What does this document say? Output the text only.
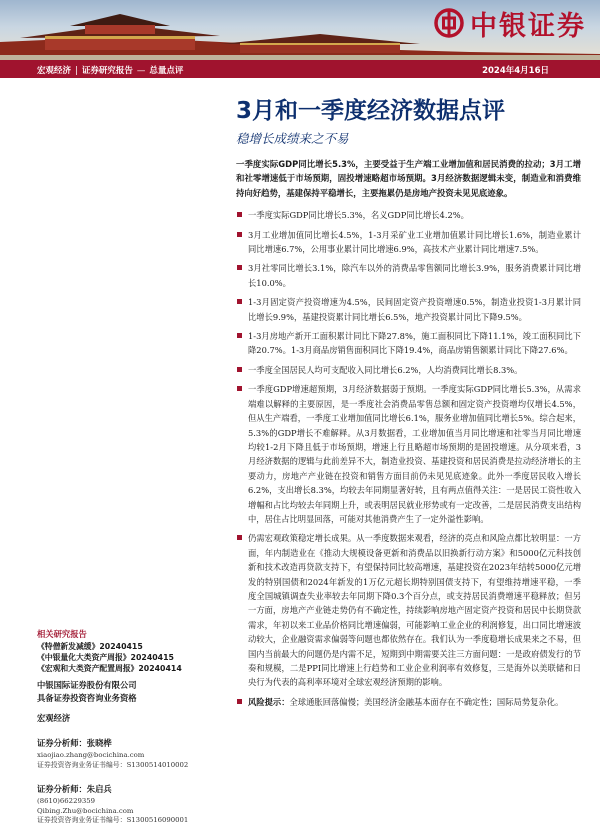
中银证券
宏观经济 | 证券研究报告 — 总量点评	2024年4月16日
3月和一季度经济数据点评
稳增长成绩来之不易

一季度实际GDP同比增长5.3%，主要受益于生产端工业增加值和居民消费的拉动；3月工增和社零增速低于市场预期，固投增速略超市场预期。3月经济数据逻辑未变，制造业和消费维持向好趋势，基建保持平稳增长，主要拖累仍是房地产投资未见见底迹象。

一季度实际GDP同比增长5.3%，名义GDP同比增长4.2%。

3月工业增加值同比增长4.5%，1-3月采矿业工业增加值累计同比增长1.6%，制造业累计同比增速6.7%，公用事业累计同比增速6.9%，高技术产业累计同比增速7.5%。

3月社零同比增长3.1%，除汽车以外的消费品零售额同比增长3.9%，服务消费累计同比增长10.0%。

1-3月固定资产投资增速为4.5%，民间固定资产投资增速0.5%，制造业投资1-3月累计同比增长9.9%，基建投资累计同比增长6.5%，地产投资累计同比下降9.5%。

1-3月房地产新开工面积累计同比下降27.8%，施工面积同比下降11.1%，竣工面积同比下降20.7%。1-3月商品房销售面积同比下降19.4%，商品房销售额累计同比下降27.6%。

一季度全国居民人均可支配收入同比增长6.2%，人均消费同比增长8.3%。

一季度GDP增速超预期，3月经济数据弱于预期。一季度实际GDP同比增长5.3%，从需求端难以解释的主要原因，是一季度社会消费品零售总额和固定资产投资增均仅增长4.5%，但从生产端看，一季度工业增加值同比增长6.1%，服务业增加值同比增长5%。综合起来，5.3%的GDP增长不难解释。从3月数据看，工业增加值当月同比增速和社零当月同比增速均较1-2月下降且低于市场预期，增速上行且略超市场预期的是固投增速。从分项来看，3月经济数据的逻辑与此前差异不大，制造业投资、基建投资和居民消费是拉动经济增长的主要动力，房地产产业链在投资和销售方面目前仍未见见底迹象。此外一季度居民收入增长6.2%，支出增长8.3%，均较去年同期显著好转，且有两点值得关注：一是居民工资性收入增幅和占比均较去年同期上升，或表明居民就业形势或有一定改善，二是居民消费支出结构中，居住占比明显回落，可能对其他消费产生了一定外溢性影响。

仍需宏观政策稳定增长成果。从一季度数据来观看，经济的亮点和风险点都比较明显：一方面，年内制造业在《推动大规模设备更新和消费品以旧换新行动方案》和5000亿元科技创新和技术改造再贷款支持下，有望保持同比较高增速，基建投资在2023年结转5000亿元增发的特别国债和2024年新发的1万亿元超长期特别国债支持下，有望维持增速平稳，一季度全国城镇调查失业率较去年同期下降0.3个百分点，或支持居民消费增速平稳释放；但另一方面，房地产产业链走势仍有不确定性，持续影响房地产固定资产投资和居民中长期贷款需求，年初以来工业品价格同比增速偏弱，可能影响工业企业的利润修复，出口同比增速波动较大，企业融资需求偏弱等问题也都依然存在。我们认为一季度稳增长成果来之不易，但国内当前最大的问题仍是内需不足，短期到中期需要关注三方面问题：一是政府债发行的节奏和规模，二是PPI同比增速上行趋势和工业企业利润率有效修复，三是海外以美联储和日央行为代表的高利率环境对全球宏观经济预期的影响。

风险提示：全球通胀回落偏慢；美国经济金融基本面存在不确定性；国际局势复杂化。

相关研究报告
《特僧新发减缓》20240415
《中银量化大类资产周报》20240415
《宏观和大类资产配置周报》20240414
中银国际证券股份有限公司
具备证券投资咨询业务资格
宏观经济
证券分析师：张晓桦
xiaojiao.zhang@bocichina.com
证券投资咨询业务证书编号：S1300514010002
证券分析师：朱启兵
(8610)66229359
Qibing.Zhu@bocichina.com
证券投资咨询业务证书编号：S1300516090001
